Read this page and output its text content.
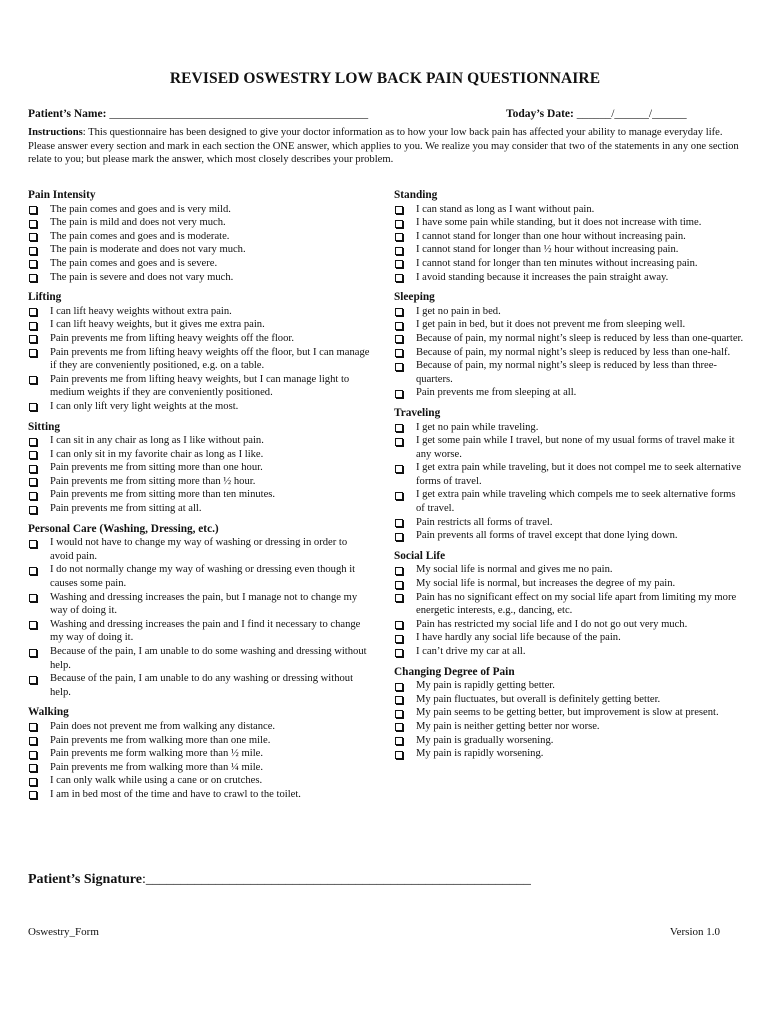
REVISED OSWESTRY LOW BACK PAIN QUESTIONNAIRE
Patient’s Name: _____________________________________________	Today’s Date: ______/______/______
Instructions: This questionnaire has been designed to give your doctor information as to how your low back pain has affected your ability to manage everyday life. Please answer every section and mark in each section the ONE answer, which applies to you. We realize you may consider that two of the statements in any one section relate to you; but please mark the answer, which most closely describes your problem.
Pain Intensity
The pain comes and goes and is very mild.
The pain is mild and does not very much.
The pain comes and goes and is moderate.
The pain is moderate and does not vary much.
The pain comes and goes and is severe.
The pain is severe and does not vary much.
Lifting
I can lift heavy weights without extra pain.
I can lift heavy weights, but it gives me extra pain.
Pain prevents me from lifting heavy weights off the floor.
Pain prevents me from lifting heavy weights off the floor, but I can manage if they are conveniently positioned, e.g. on a table.
Pain prevents me from lifting heavy weights, but I can manage light to medium weights if they are conveniently positioned.
I can only lift very light weights at the most.
Sitting
I can sit in any chair as long as I like without pain.
I can only sit in my favorite chair as long as I like.
Pain prevents me from sitting more than one hour.
Pain prevents me from sitting more than ½ hour.
Pain prevents me from sitting more than ten minutes.
Pain prevents me from sitting at all.
Personal Care (Washing, Dressing, etc.)
I would not have to change my way of washing or dressing in order to avoid pain.
I do not normally change my way of washing or dressing even though it causes some pain.
Washing and dressing increases the pain, but I manage not to change my way of doing it.
Washing and dressing increases the pain and I find it necessary to change my way of doing it.
Because of the pain, I am unable to do some washing and dressing without help.
Because of the pain, I am unable to do any washing or dressing without help.
Walking
Pain does not prevent me from walking any distance.
Pain prevents me from walking more than one mile.
Pain prevents me form walking more than ½ mile.
Pain prevents me from walking more than ¼ mile.
I can only walk while using a cane or on crutches.
I am in bed most of the time and have to crawl to the toilet.
Standing
I can stand as long as I want without pain.
I have some pain while standing, but it does not increase with time.
I cannot stand for longer than one hour without increasing pain.
I cannot stand for longer than ½ hour without increasing pain.
I cannot stand for longer than ten minutes without increasing pain.
I avoid standing because it increases the pain straight away.
Sleeping
I get no pain in bed.
I get pain in bed, but it does not prevent me from sleeping well.
Because of pain, my normal night’s sleep is reduced by less than one-quarter.
Because of pain, my normal night’s sleep is reduced by less than one-half.
Because of pain, my normal night’s sleep is reduced by less than three-quarters.
Pain prevents me from sleeping at all.
Traveling
I get no pain while traveling.
I get some pain while I travel, but none of my usual forms of travel make it any worse.
I get extra pain while traveling, but it does not compel me to seek alternative forms of travel.
I get extra pain while traveling which compels me to seek alternative forms of travel.
Pain restricts all forms of travel.
Pain prevents all forms of travel except that done lying down.
Social Life
My social life is normal and gives me no pain.
My social life is normal, but increases the degree of my pain.
Pain has no significant effect on my social life apart from limiting my more energetic interests, e.g., dancing, etc.
Pain has restricted my social life and I do not go out very much.
I have hardly any social life because of the pain.
I can’t drive my car at all.
Changing Degree of Pain
My pain is rapidly getting better.
My pain fluctuates, but overall is definitely getting better.
My pain seems to be getting better, but improvement is slow at present.
My pain is neither getting better nor worse.
My pain is gradually worsening.
My pain is rapidly worsening.
Patient’s Signature:_______________________________________________________
Oswestry_Form	Version 1.0
